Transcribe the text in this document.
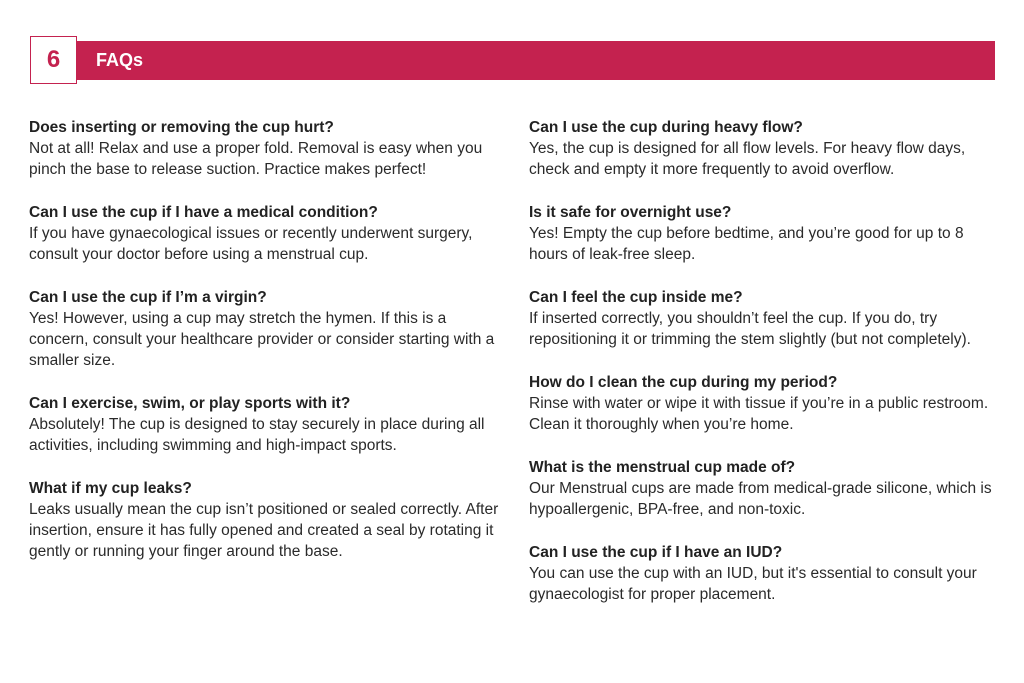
6 FAQs

Does inserting or removing the cup hurt?

Not at all! Relax and use a proper fold. Removal is easy when you pinch the base to release suction. Practice makes perfect!

Can I use the cup if I have a medical condition?

If you have gynaecological issues or recently underwent surgery, consult your doctor before using a menstrual cup.

Can I use the cup if I’m a virgin?

Yes! However, using a cup may stretch the hymen. If this is a concern, consult your healthcare provider or consider starting with a smaller size.

Can I exercise, swim, or play sports with it?

Absolutely! The cup is designed to stay securely in place during all activities, including swimming and high-impact sports.

What if my cup leaks?

Leaks usually mean the cup isn’t positioned or sealed correctly. After insertion, ensure it has fully opened and created a seal by rotating it gently or running your finger around the base.

Can I use the cup during heavy flow?

Yes, the cup is designed for all flow levels. For heavy flow days, check and empty it more frequently to avoid overflow.

Is it safe for overnight use?

Yes! Empty the cup before bedtime, and you’re good for up to 8 hours of leak-free sleep.

Can I feel the cup inside me?

If inserted correctly, you shouldn’t feel the cup. If you do, try repositioning it or trimming the stem slightly (but not completely).

How do I clean the cup during my period?

Rinse with water or wipe it with tissue if you’re in a public restroom. Clean it thoroughly when you’re home.

What is the menstrual cup made of?

Our Menstrual cups are made from medical-grade silicone, which is hypoallergenic, BPA-free, and non-toxic.

Can I use the cup if I have an IUD?

You can use the cup with an IUD, but it's essential to consult your gynaecologist for proper placement.
